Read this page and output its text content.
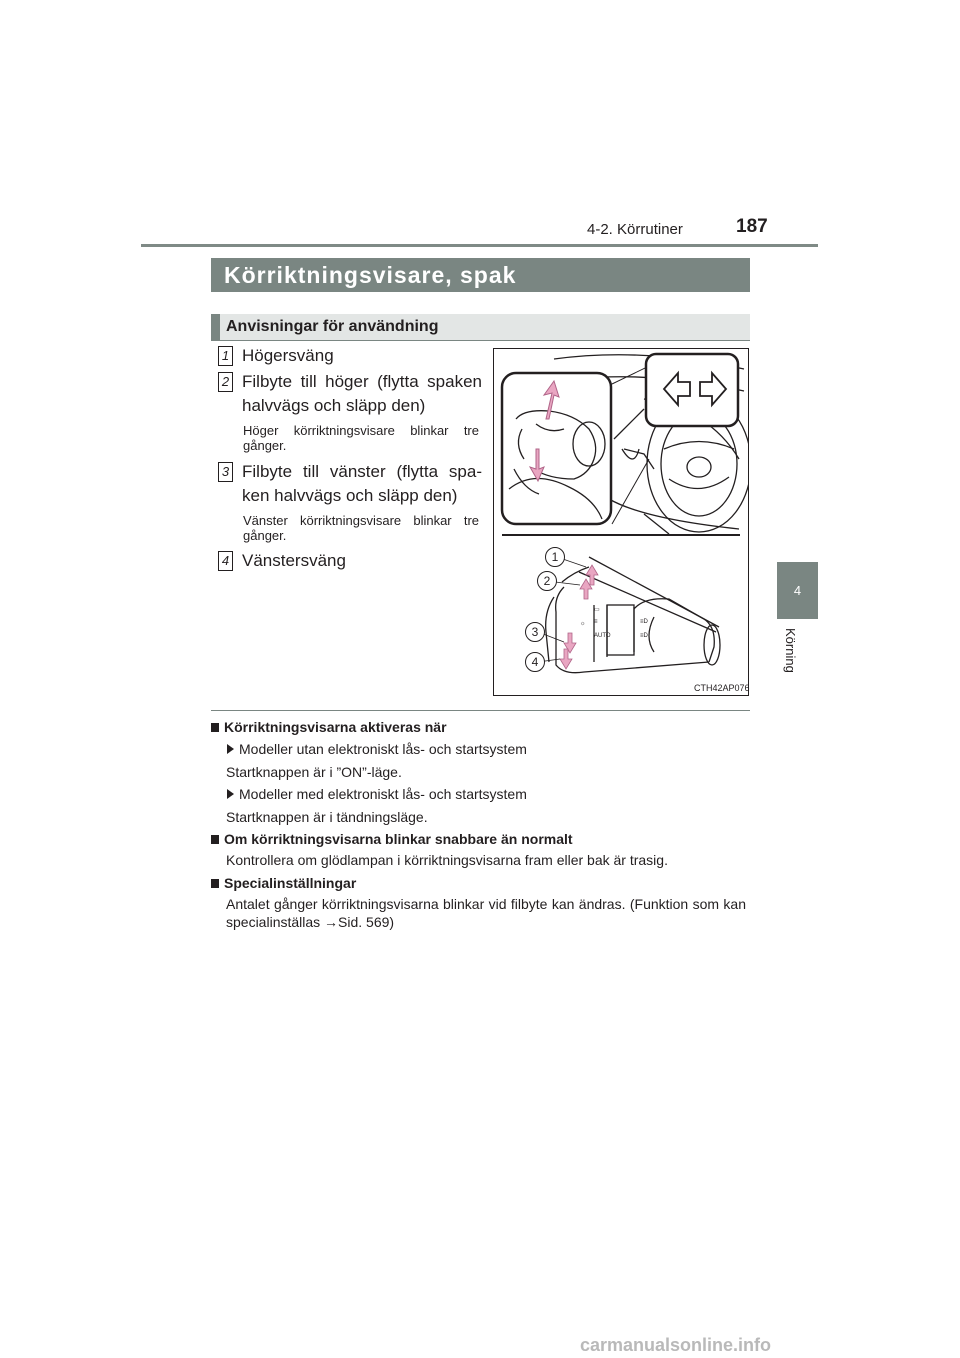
4-2. Körrutiner	187
Körriktningsvisare, spak
Anvisningar för användning
1 Högersväng
2 Filbyte till höger (flytta spaken halvvägs och släpp den)
Höger körriktningsvisare blinkar tre gånger.
3 Filbyte till vänster (flytta spa- ken halvvägs och släpp den)
Vänster körriktningsvisare blinkar tre gånger.
4 Vänstersväng
☼
▭
≡
AUTO
≡D
≡D
1
2
3
4
CTH42AP076
Körriktningsvisarna aktiveras när
Modeller utan elektroniskt lås- och startsystem
Startknappen är i ”ON”-läge.
Modeller med elektroniskt lås- och startsystem
Startknappen är i tändningsläge.
Om körriktningsvisarna blinkar snabbare än normalt
Kontrollera om glödlampan i körriktningsvisarna fram eller bak är trasig.
Specialinställningar
Antalet gånger körriktningsvisarna blinkar vid filbyte kan ändras. (Funktion som kan specialinställas →Sid. 569)
4
Körning
carmanualsonline.info
